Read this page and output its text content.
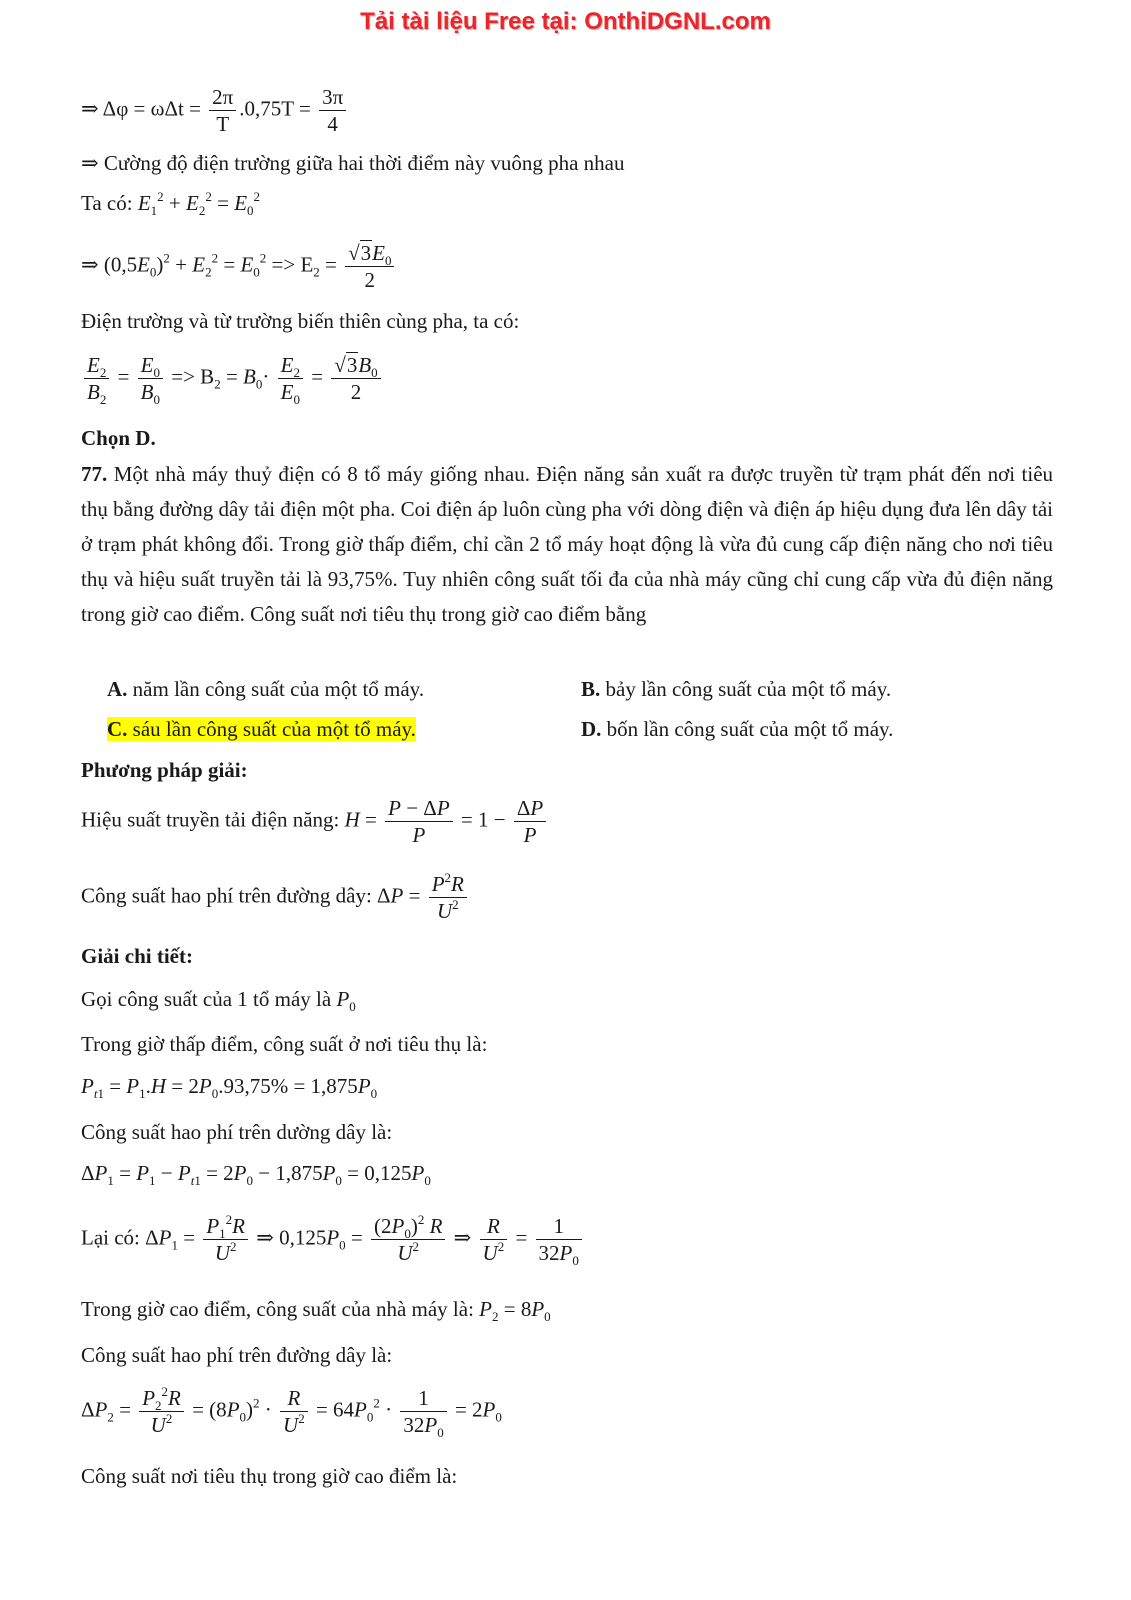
Tải tài liệu Free tại: OnthiDGNL.com
⇒ $\Delta\varphi = \omega\Delta t = \frac{2\pi}{T} .0,75T = \frac{3\pi}{4}$
⇒ Cường độ điện trường giữa hai thời điểm này vuông pha nhau
Ta có: $E_1^2 + E_2^2 = E_0^2$
⇒ $(0,5E_0)^2 + E_2^2 = E_0^2 => E_2 = \frac{√3E_0}{2}$
Điện trường và từ trường biến thiên cùng pha, ta có:
$\frac{E_2}{B_2} = \frac{E_0}{B_0} => B_2 = B_0\cdot \frac{E_2}{E_0} = \frac{√3B_0}{2}$
Chọn D.
77. Một nhà máy thuỷ điện có 8 tổ máy giống nhau. Điện năng sản xuất ra được truyền từ trạm phát đến nơi tiêu thụ bằng đường dây tải điện một pha. Coi điện áp luôn cùng pha với dòng điện và điện áp hiệu dụng đưa lên dây tải ở trạm phát không đổi. Trong giờ thấp điểm, chỉ cần 2 tổ máy hoạt động là vừa đủ cung cấp điện năng cho nơi tiêu thụ và hiệu suất truyền tải là 93,75%. Tuy nhiên công suất tối đa của nhà máy cũng chỉ cung cấp vừa đủ điện năng trong giờ cao điểm. Công suất nơi tiêu thụ trong giờ cao điểm bằng
A. năm lần công suất của một tổ máy.	B. bảy lần công suất của một tổ máy.
C. sáu lần công suất của một tổ máy.	D. bốn lần công suất của một tổ máy.
Phương pháp giải:
Hiệu suất truyền tải điện năng: $H = \frac{P - \Delta P}{P} = 1 - \frac{\Delta P}{P}$
Công suất hao phí trên đường dây: $\Delta P = \frac{P^2R}{U^2}$
Giải chi tiết:
Gọi công suất của 1 tổ máy là $P_0$
Trong giờ thấp điểm, công suất ở nơi tiêu thụ là:
$P_{t1} = P_1.H = 2P_0.93,75\% = 1,875P_0$
Công suất hao phí trên dường dây là:
$\Delta P_1 = P_1 - P_{t1} = 2P_0 - 1,875P_0 = 0,125P_0$
Lại có: $\Delta P_1 = \frac{P_1^2R}{U^2}$ ⇒ $0,125P_0 = \frac{(2P_0)^2 R}{U^2}$ ⇒ $\frac{R}{U^2} = \frac{1}{32P_0}$
Trong giờ cao điểm, công suất của nhà máy là: $P_2 = 8P_0$
Công suất hao phí trên đường dây là:
$\Delta P_2 = \frac{P_2^2R}{U^2} = (8P_0)^2 \cdot \frac{R}{U^2} = 64P_0^2 \cdot \frac{1}{32P_0} = 2P_0$
Công suất nơi tiêu thụ trong giờ cao điểm là:
